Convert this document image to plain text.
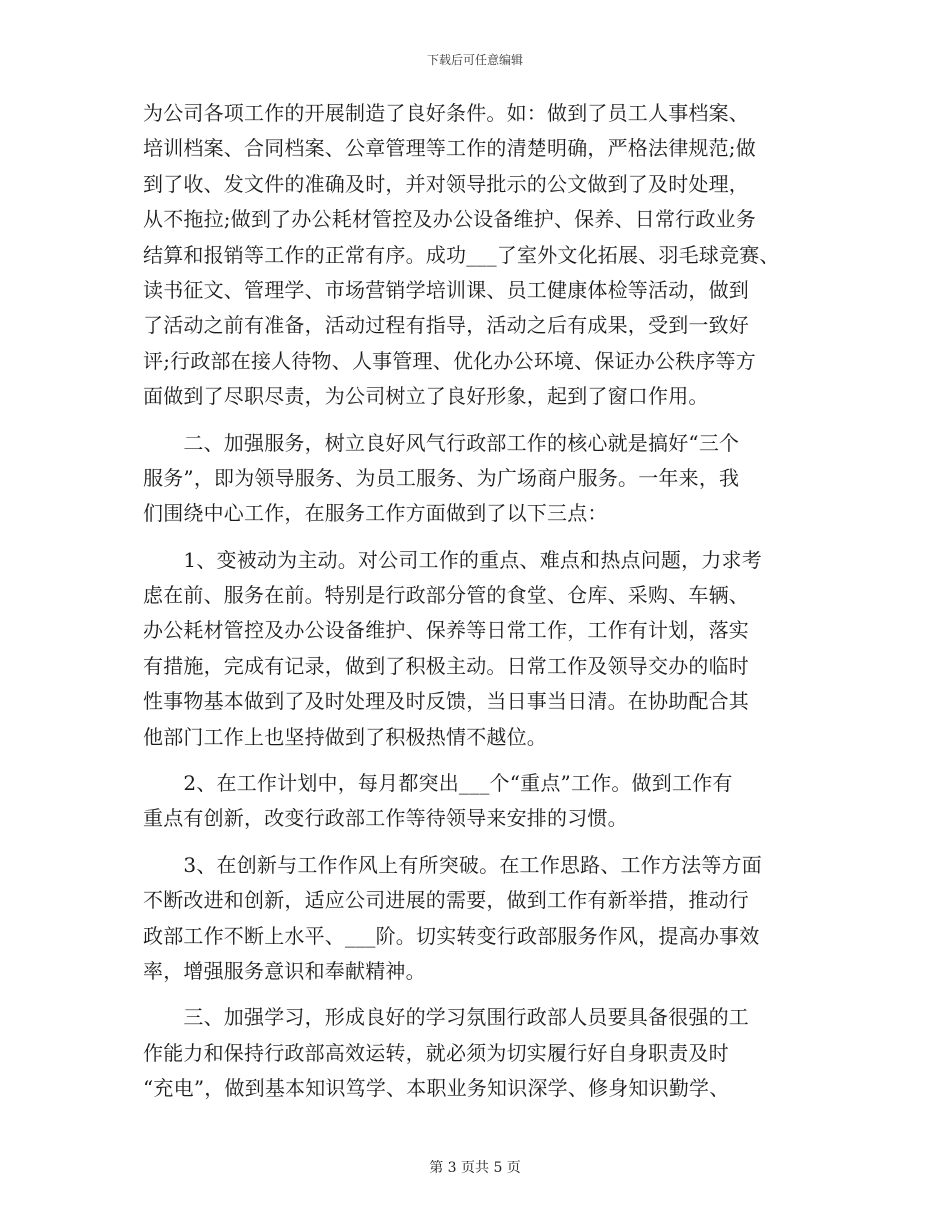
下载后可任意编辑
为公司各项工作的开展制造了良好条件。如：做到了员工人事档案、
培训档案、合同档案、公章管理等工作的清楚明确，严格法律规范;做
到了收、发文件的准确及时，并对领导批示的公文做到了及时处理，
从不拖拉;做到了办公耗材管控及办公设备维护、保养、日常行政业务
结算和报销等工作的正常有序。成功___了室外文化拓展、羽毛球竞赛、
读书征文、管理学、市场营销学培训课、员工健康体检等活动，做到
了活动之前有准备，活动过程有指导，活动之后有成果，受到一致好
评;行政部在接人待物、人事管理、优化办公环境、保证办公秩序等方
面做到了尽职尽责，为公司树立了良好形象，起到了窗口作用。
　　二、加强服务，树立良好风气行政部工作的核心就是搞好“三个
服务”，即为领导服务、为员工服务、为广场商户服务。一年来，我
们围绕中心工作，在服务工作方面做到了以下三点：
　　1、变被动为主动。对公司工作的重点、难点和热点问题，力求考
虑在前、服务在前。特别是行政部分管的食堂、仓库、采购、车辆、
办公耗材管控及办公设备维护、保养等日常工作，工作有计划，落实
有措施，完成有记录，做到了积极主动。日常工作及领导交办的临时
性事物基本做到了及时处理及时反馈，当日事当日清。在协助配合其
他部门工作上也坚持做到了积极热情不越位。
　　2、在工作计划中，每月都突出___个“重点”工作。做到工作有
重点有创新，改变行政部工作等待领导来安排的习惯。
　　3、在创新与工作作风上有所突破。在工作思路、工作方法等方面
不断改进和创新，适应公司进展的需要，做到工作有新举措，推动行
政部工作不断上水平、___阶。切实转变行政部服务作风，提高办事效
率，增强服务意识和奉献精神。
　　三、加强学习，形成良好的学习氛围行政部人员要具备很强的工
作能力和保持行政部高效运转，就必须为切实履行好自身职责及时
“充电”，做到基本知识笃学、本职业务知识深学、修身知识勤学、
第 3 页共 5 页
